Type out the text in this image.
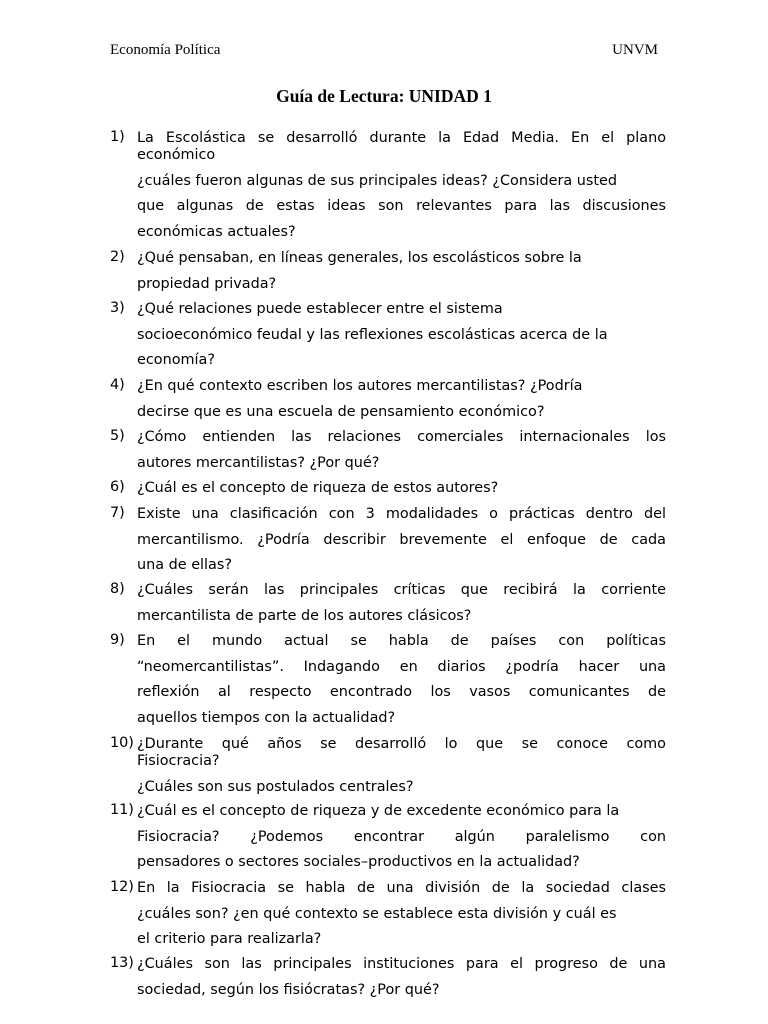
Economía Política	UNVM
Guía de Lectura: UNIDAD 1
1) La Escolástica se desarrolló durante la Edad Media. En el plano
económico
¿cuáles fueron algunas de sus principales ideas? ¿Considera usted
que algunas de estas ideas son relevantes para las discusiones
económicas actuales?
2) ¿Qué pensaban, en líneas generales, los escolásticos sobre la
propiedad privada?
3) ¿Qué relaciones puede establecer entre el sistema
socioeconómico feudal y las reflexiones escolásticas acerca de la
economía?
4) ¿En qué contexto escriben los autores mercantilistas? ¿Podría
decirse que es una escuela de pensamiento económico?
5) ¿Cómo entienden las relaciones comerciales internacionales los
autores mercantilistas? ¿Por qué?
6) ¿Cuál es el concepto de riqueza de estos autores?
7) Existe una clasificación con 3 modalidades o prácticas dentro del
mercantilismo. ¿Podría describir brevemente el enfoque de cada
una de ellas?
8) ¿Cuáles serán las principales críticas que recibirá la corriente
mercantilista de parte de los autores clásicos?
9) En el mundo actual se habla de países con políticas
“neomercantilistas”. Indagando en diarios ¿podría hacer una
reflexión al respecto encontrado los vasos comunicantes de
aquellos tiempos con la actualidad?
10) ¿Durante qué años se desarrolló lo que se conoce como
Fisiocracia?
¿Cuáles son sus postulados centrales?
11) ¿Cuál es el concepto de riqueza y de excedente económico para la
Fisiocracia? ¿Podemos encontrar algún paralelismo con
pensadores o sectores sociales–productivos en la actualidad?
12) En la Fisiocracia se habla de una división de la sociedad clases
¿cuáles son? ¿en qué contexto se establece esta división y cuál es
el criterio para realizarla?
13) ¿Cuáles son las principales instituciones para el progreso de una
sociedad, según los fisiócratas? ¿Por qué?
